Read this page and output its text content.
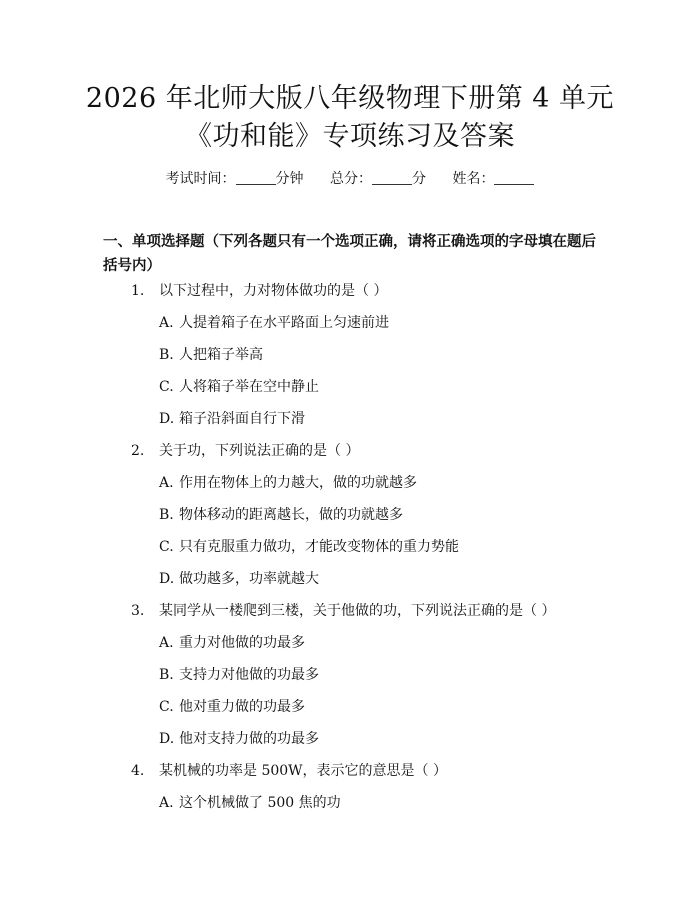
2026 年北师大版八年级物理下册第 4 单元
《功和能》专项练习及答案
考试时间：	分钟 总分：	分 姓名：
一、单项选择题（下列各题只有一个选项正确，请将正确选项的字母填在题后括号内）
1. 以下过程中，力对物体做功的是（ ）
A. 人提着箱子在水平路面上匀速前进
B. 人把箱子举高
C. 人将箱子举在空中静止
D. 箱子沿斜面自行下滑
2. 关于功，下列说法正确的是（ ）
A. 作用在物体上的力越大，做的功就越多
B. 物体移动的距离越长，做的功就越多
C. 只有克服重力做功，才能改变物体的重力势能
D. 做功越多，功率就越大
3. 某同学从一楼爬到三楼，关于他做的功，下列说法正确的是（ ）
A. 重力对他做的功最多
B. 支持力对他做的功最多
C. 他对重力做的功最多
D. 他对支持力做的功最多
4. 某机械的功率是 500W，表示它的意思是（ ）
A. 这个机械做了 500 焦的功
